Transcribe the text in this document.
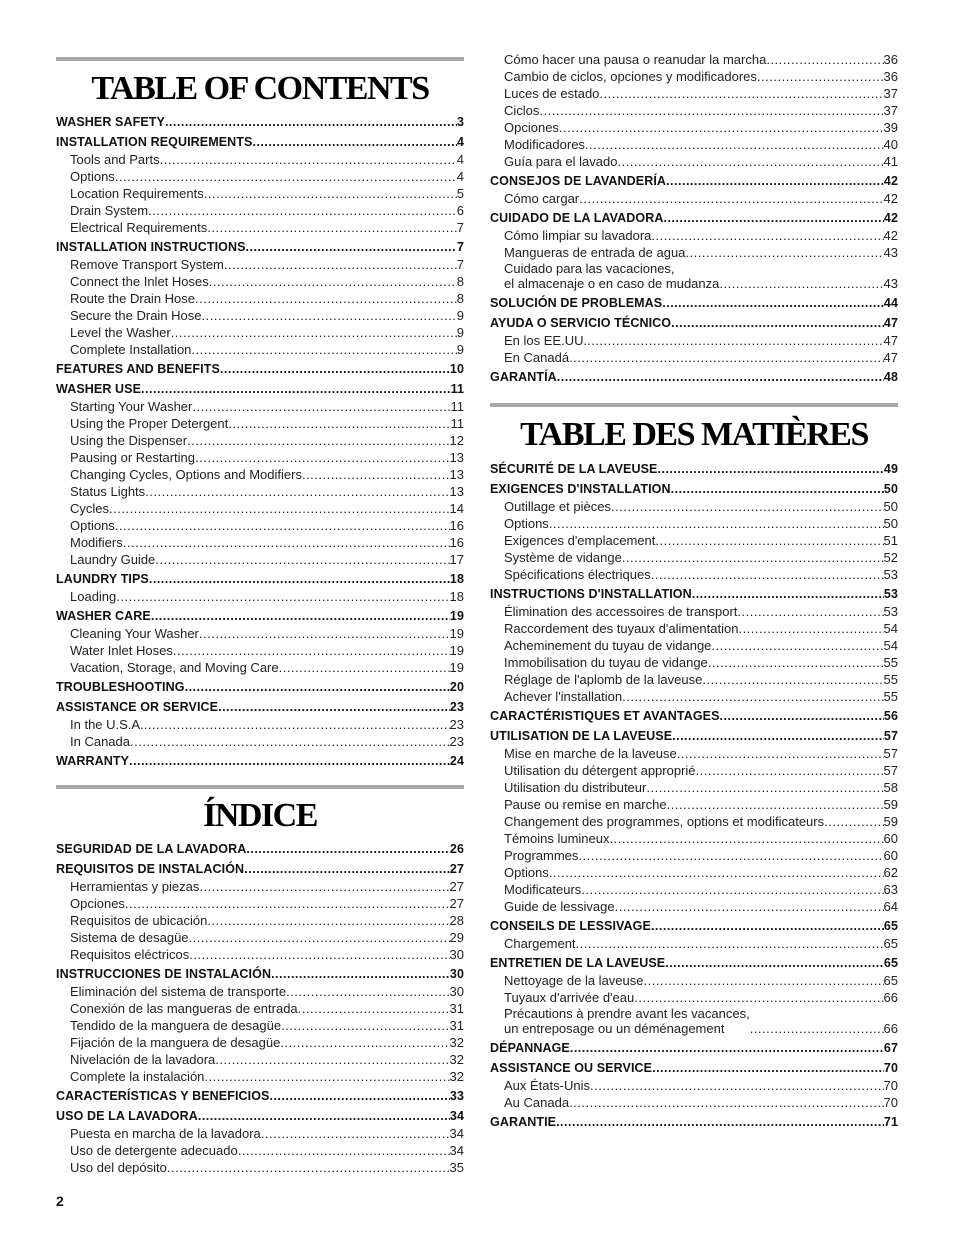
TABLE OF CONTENTS
WASHER SAFETY .....	3
INSTALLATION REQUIREMENTS .....	4
Tools and Parts .....	4
Options .....	4
Location Requirements .....	5
Drain System .....	6
Electrical Requirements .....	7
INSTALLATION INSTRUCTIONS .....	7
Remove Transport System .....	7
Connect the Inlet Hoses .....	8
Route the Drain Hose .....	8
Secure the Drain Hose .....	9
Level the Washer .....	9
Complete Installation .....	9
FEATURES AND BENEFITS .....	10
WASHER USE .....	11
Starting Your Washer .....	11
Using the Proper Detergent .....	11
Using the Dispenser .....	12
Pausing or Restarting .....	13
Changing Cycles, Options and Modifiers .....	13
Status Lights .....	13
Cycles .....	14
Options .....	16
Modifiers .....	16
Laundry Guide .....	17
LAUNDRY TIPS .....	18
Loading .....	18
WASHER CARE .....	19
Cleaning Your Washer .....	19
Water Inlet Hoses .....	19
Vacation, Storage, and Moving Care .....	19
TROUBLESHOOTING .....	20
ASSISTANCE OR SERVICE .....	23
In the U.S.A. .....	23
In Canada .....	23
WARRANTY .....	24
ÍNDICE
SEGURIDAD DE LA LAVADORA .....	26
REQUISITOS DE INSTALACIÓN .....	27
Herramientas y piezas .....	27
Opciones .....	27
Requisitos de ubicación .....	28
Sistema de desagüe .....	29
Requisitos eléctricos .....	30
INSTRUCCIONES DE INSTALACIÓN .....	30
Eliminación del sistema de transporte .....	30
Conexión de las mangueras de entrada .....	31
Tendido de la manguera de desagüe .....	31
Fijación de la manguera de desagüe .....	32
Nivelación de la lavadora .....	32
Complete la instalación .....	32
CARACTERÍSTICAS Y BENEFICIOS .....	33
USO DE LA LAVADORA .....	34
Puesta en marcha de la lavadora .....	34
Uso de detergente adecuado .....	34
Uso del depósito .....	35
Cómo hacer una pausa o reanudar la marcha .....	36
Cambio de ciclos, opciones y modificadores .....	36
Luces de estado .....	37
Ciclos .....	37
Opciones .....	39
Modificadores .....	40
Guía para el lavado .....	41
CONSEJOS DE LAVANDERÍA .....	42
Cómo cargar .....	42
CUIDADO DE LA LAVADORA .....	42
Cómo limpiar su lavadora .....	42
Mangueras de entrada de agua .....	43
Cuidado para las vacaciones,
el almacenaje o en caso de mudanza .....	43
SOLUCIÓN DE PROBLEMAS .....	44
AYUDA O SERVICIO TÉCNICO .....	47
En los EE.UU. .....	47
En Canadá .....	47
GARANTÍA .....	48
TABLE DES MATIÈRES
SÉCURITÉ DE LA LAVEUSE .....	49
EXIGENCES D'INSTALLATION .....	50
Outillage et pièces .....	50
Options .....	50
Exigences d'emplacement .....	51
Système de vidange .....	52
Spécifications électriques .....	53
INSTRUCTIONS D'INSTALLATION .....	53
Élimination des accessoires de transport .....	53
Raccordement des tuyaux d'alimentation .....	54
Acheminement du tuyau de vidange .....	54
Immobilisation du tuyau de vidange .....	55
Réglage de l'aplomb de la laveuse .....	55
Achever l'installation .....	55
CARACTÉRISTIQUES ET AVANTAGES .....	56
UTILISATION DE LA LAVEUSE .....	57
Mise en marche de la laveuse .....	57
Utilisation du détergent approprié .....	57
Utilisation du distributeur .....	58
Pause ou remise en marche .....	59
Changement des programmes, options et modificateurs .....	59
Témoins lumineux .....	60
Programmes .....	60
Options .....	62
Modificateurs .....	63
Guide de lessivage .....	64
CONSEILS DE LESSIVAGE .....	65
Chargement .....	65
ENTRETIEN DE LA LAVEUSE .....	65
Nettoyage de la laveuse .....	65
Tuyaux d'arrivée d'eau .....	66
Précautions à prendre avant les vacances,
un entreposage ou un déménagement .....	66
DÉPANNAGE .....	67
ASSISTANCE OU SERVICE .....	70
Aux États-Unis .....	70
Au Canada .....	70
GARANTIE .....	71
2
